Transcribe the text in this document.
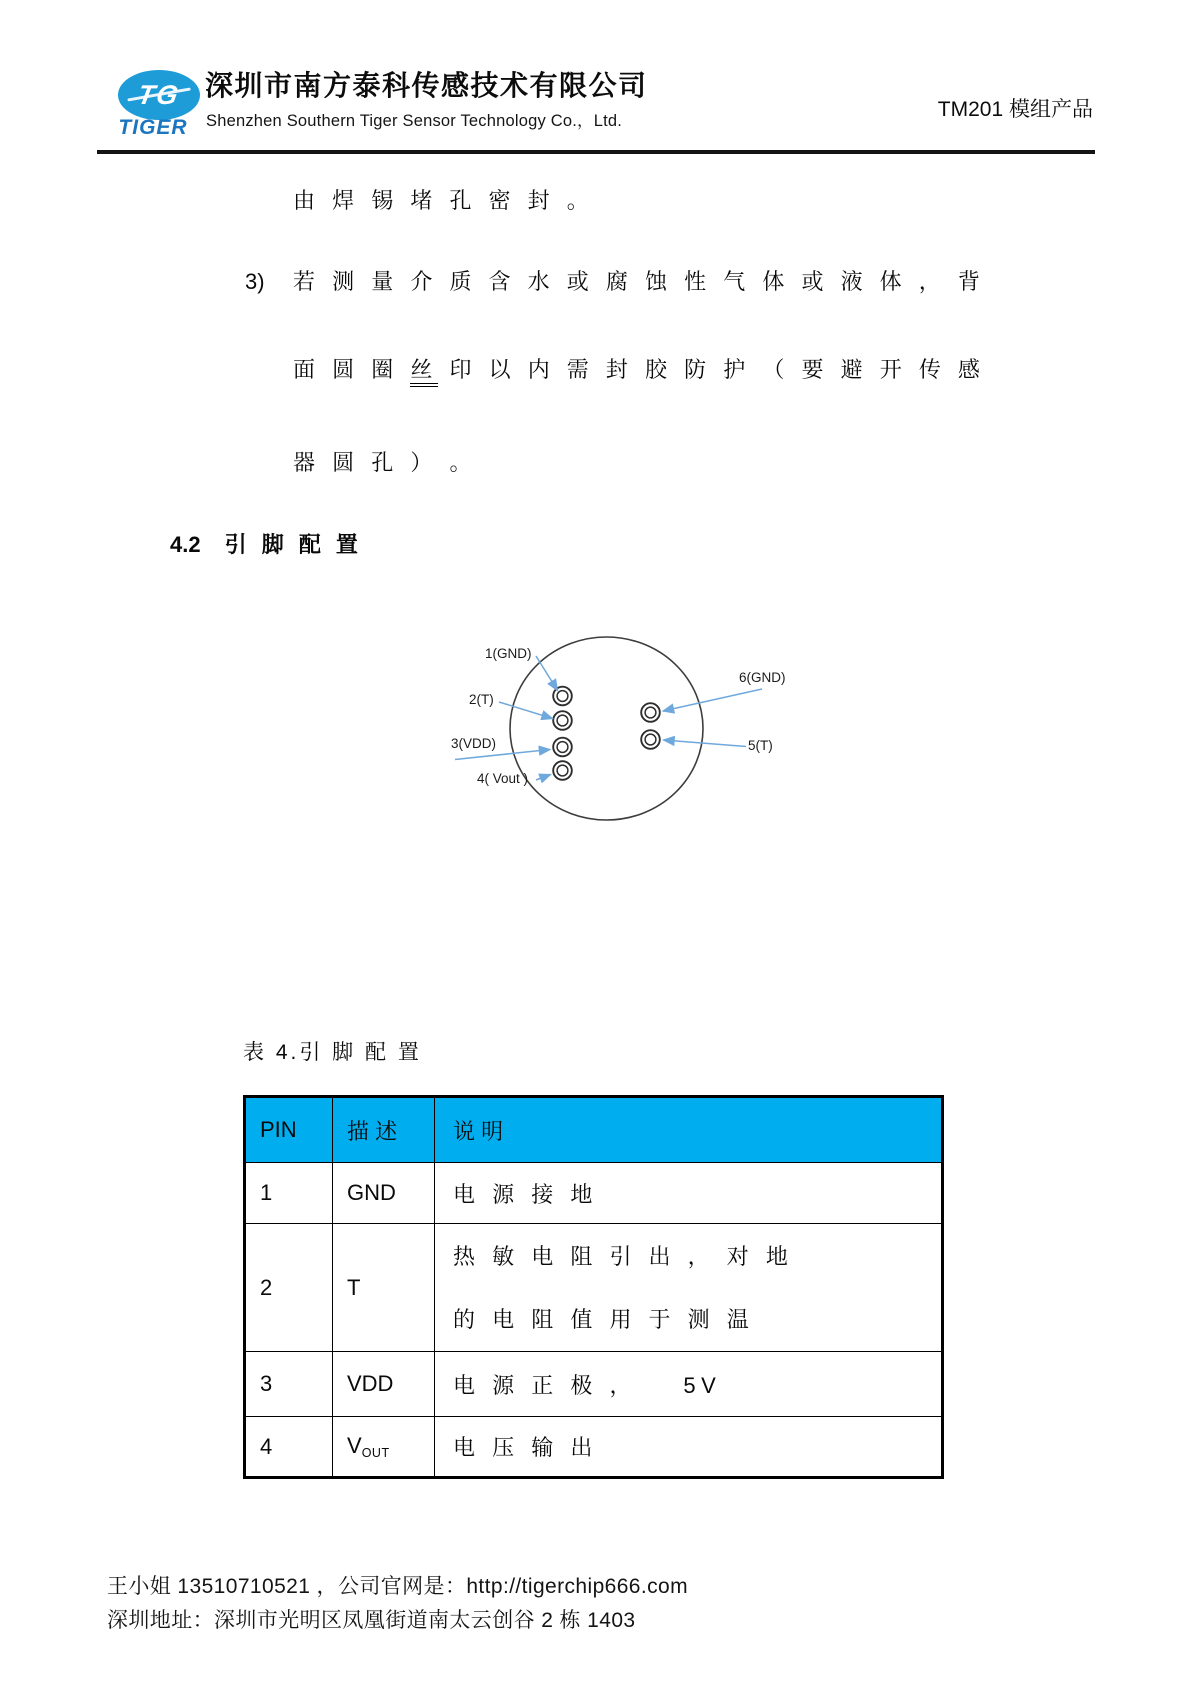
TG
TIGER
深圳市南方泰科传感技术有限公司
Shenzhen Southern Tiger Sensor Technology Co.，Ltd.	TM201 模组产品
由 焊 锡 堵 孔 密 封 。
3) 若 测 量 介 质 含 水 或 腐 蚀 性 气 体 或 液 体 ， 背
面 圆 圈 丝 印 以 内 需 封 胶 防 护 （ 要 避 开 传 感
器 圆 孔 ） 。
4.2 引 脚 配 置
1(GND)
2(T)
3(VDD)
4( Vout )
6(GND)
5(T)
表 4.引 脚 配 置
PIN	描 述	说 明
1	GND	电 源 接 地
2	T	热 敏 电 阻 引 出 ， 对 地
的 电 阻 值 用 于 测 温

3	VDD	电 源 正 极 ，    5V
4	$V_{OUT}$	电 压 输 出
王小姐 13510710521 ，公司官网是：http://tigerchip666.com
深圳地址：深圳市光明区凤凰街道南太云创谷 2 栋 1403
